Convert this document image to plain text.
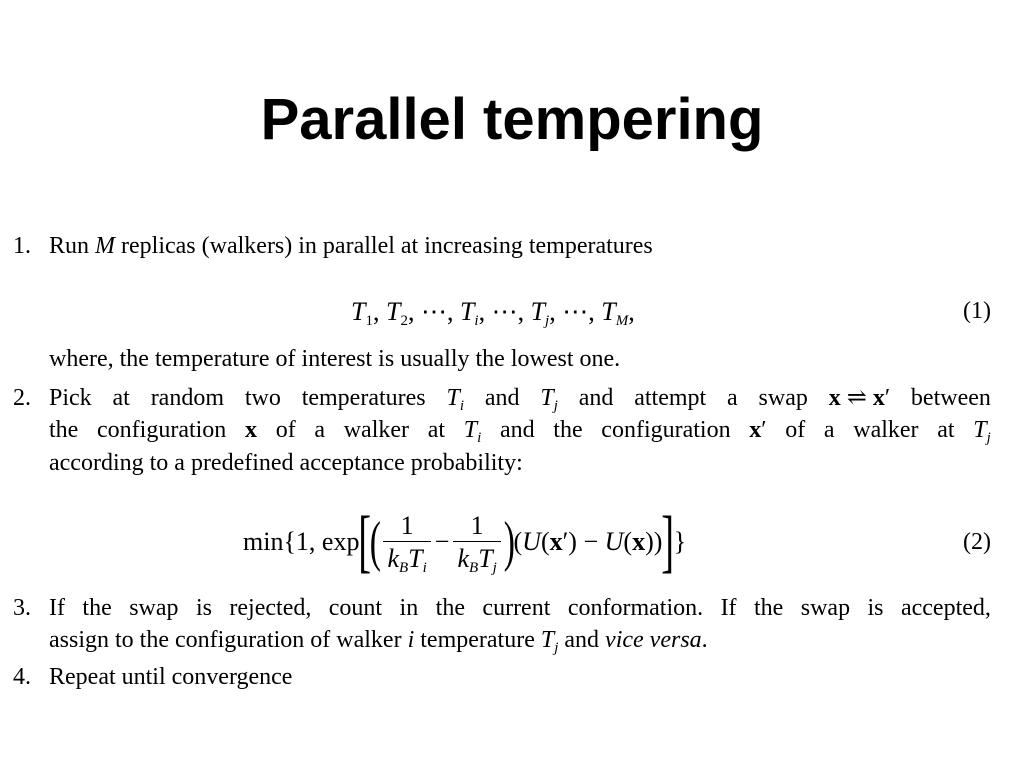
Parallel tempering
1. Run M replicas (walkers) in parallel at increasing temperatures
$T_1$, $T_2$, ⋯, $T_i$, ⋯, $T_j$, ⋯, $T_M$,	(1)
where, the temperature of interest is usually the lowest one.
2. Pick at random two temperatures $T_i$ and $T_j$ and attempt a swap x ⇌ x′ between
the configuration x of a walker at $T_i$ and the configuration x′ of a walker at $T_j$
according to a predefined acceptance probability:
min{1, exp [
( $\frac{1}{k_BT_i} - \frac{1}{k_BT_j}$ )
(U(x′) − U(x)) ] }	(2)
3. If the swap is rejected, count in the current conformation. If the swap is accepted,
assign to the configuration of walker i temperature $T_j$ and vice versa.
4. Repeat until convergence
